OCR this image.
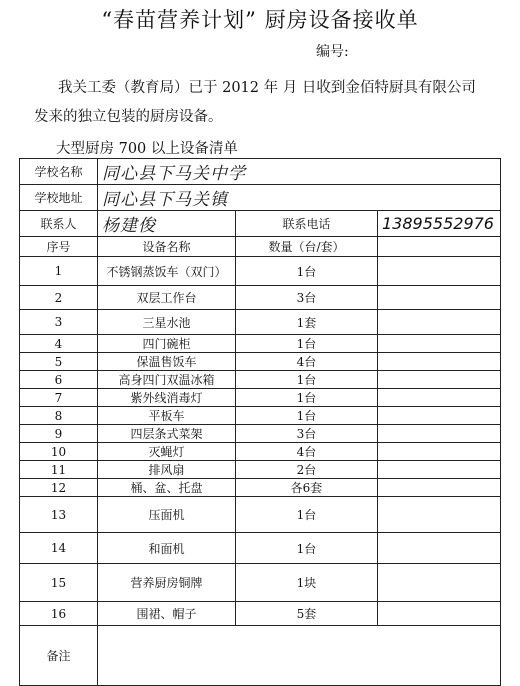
“春苗营养计划” 厨房设备接收单
编号:
我关工委（教育局）已于 2012 年 月 日收到金佰特厨具有限公司
发来的独立包装的厨房设备。
大型厨房 700 以上设备清单
学校名称	同心县下马关中学		
学校地址	同心县下马关镇		
联系人	杨建俊	联系电话	13895552976
序号	设备名称	数量（台/套）	
1	不锈钢蒸饭车（双门）	1台	
2	双层工作台	3台	
3	三星水池	1套	
4	四门碗柜	1台	
5	保温售饭车	4台	
6	高身四门双温冰箱	1台	
7	紫外线消毒灯	1台	
8	平板车	1台	
9	四层条式菜架	3台	
10	灭蝇灯	4台	
11	排风扇	2台	
12	桶、盆、托盘	各6套	
13	压面机	1台	
14	和面机	1台	
15	营养厨房铜牌	1块	
16	围裙、帽子	5套	
备注			
